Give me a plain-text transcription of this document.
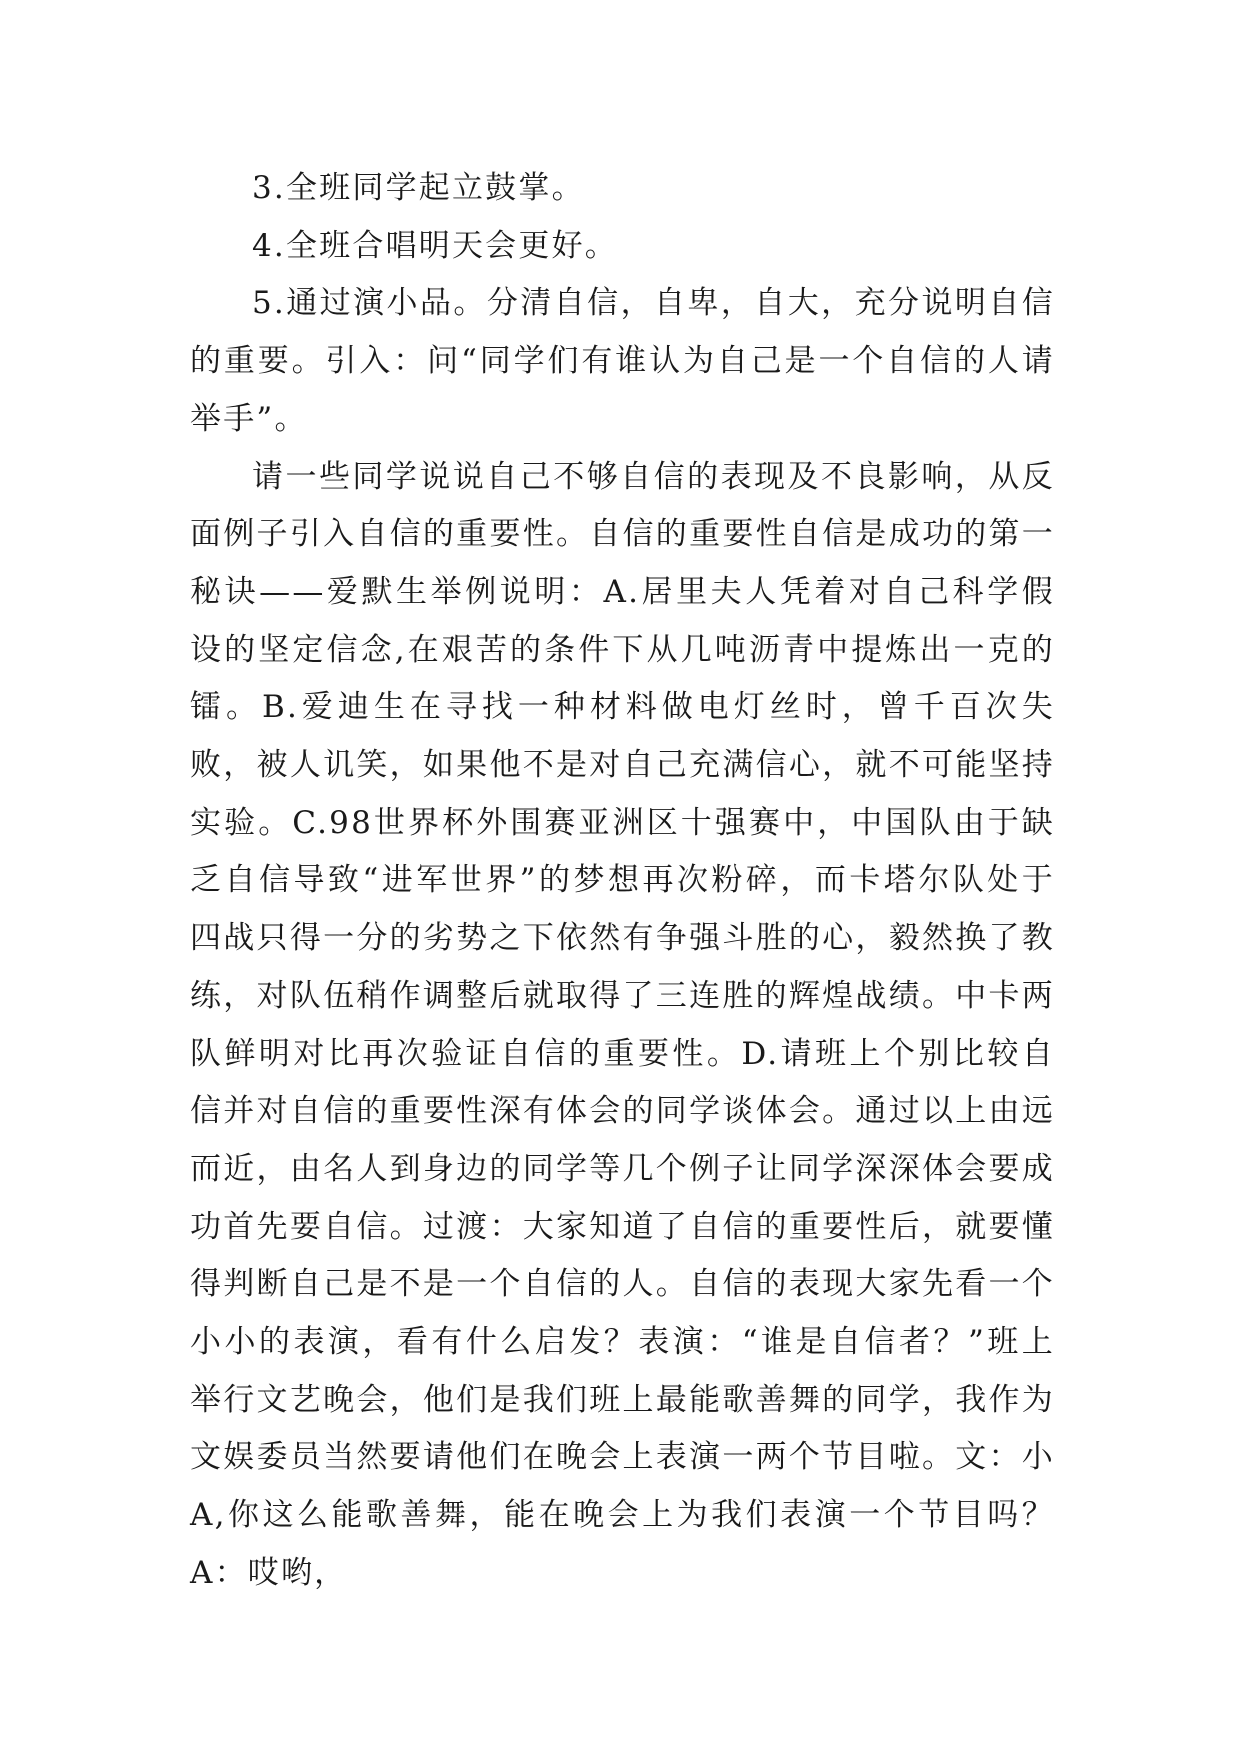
3.全班同学起立鼓掌。

4.全班合唱明天会更好。

5.通过演小品。分清自信，自卑，自大，充分说明自信的重要。引入：问“同学们有谁认为自己是一个自信的人请举手”。

请一些同学说说自己不够自信的表现及不良影响，从反面例子引入自信的重要性。自信的重要性自信是成功的第一秘诀——爱默生举例说明：A.居里夫人凭着对自己科学假设的坚定信念,在艰苦的条件下从几吨沥青中提炼出一克的镭。B.爱迪生在寻找一种材料做电灯丝时，曾千百次失败，被人讥笑，如果他不是对自己充满信心，就不可能坚持实验。C.98世界杯外围赛亚洲区十强赛中，中国队由于缺乏自信导致“进军世界”的梦想再次粉碎，而卡塔尔队处于四战只得一分的劣势之下依然有争强斗胜的心，毅然换了教练，对队伍稍作调整后就取得了三连胜的辉煌战绩。中卡两队鲜明对比再次验证自信的重要性。D.请班上个别比较自信并对自信的重要性深有体会的同学谈体会。通过以上由远而近，由名人到身边的同学等几个例子让同学深深体会要成功首先要自信。过渡：大家知道了自信的重要性后，就要懂得判断自己是不是一个自信的人。自信的表现大家先看一个小小的表演，看有什么启发？表演：“谁是自信者？”班上举行文艺晚会，他们是我们班上最能歌善舞的同学，我作为文娱委员当然要请他们在晚会上表演一两个节目啦。文：小A,你这么能歌善舞，能在晚会上为我们表演一个节目吗？A：哎哟，
